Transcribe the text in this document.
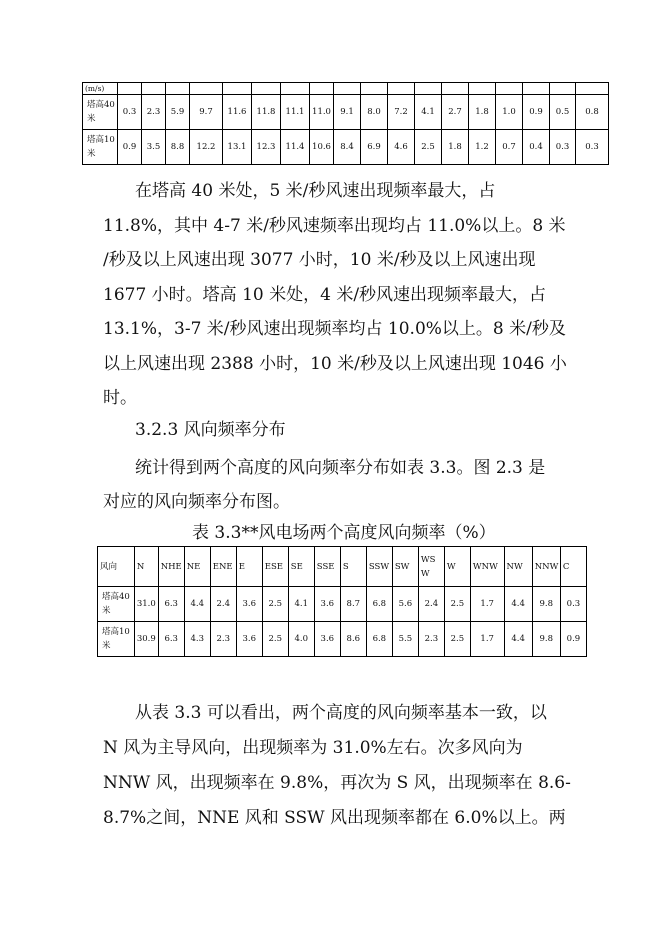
(m/s)																			

塔高40米	0.3	2.3	5.9	9.7	11.6	11.8	11.1	11.0	9.1	8.0	7.2	4.1	2.7	1.8	1.0	0.9	0.5	0.8	

塔高10米	0.9	3.5	8.8	12.2	13.1	12.3	11.4	10.6	8.4	6.9	4.6	2.5	1.8	1.2	0.7	0.4	0.3	0.3	
在塔高 40 米处，5 米/秒风速出现频率最大，占
11.8%，其中 4-7 米/秒风速频率出现均占 11.0%以上。8 米
/秒及以上风速出现 3077 小时，10 米/秒及以上风速出现
1677 小时。塔高 10 米处，4 米/秒风速出现频率最大，占
13.1%，3-7 米/秒风速出现频率均占 10.0%以上。8 米/秒及
以上风速出现 2388 小时，10 米/秒及以上风速出现 1046 小
时。
3.2.3 风向频率分布
统计得到两个高度的风向频率分布如表 3.3。图 2.3 是
对应的风向频率分布图。
表 3.3**风电场两个高度风向频率（%）
风向	N	NHE	NE	ENE	E	ESE	SE	SSE	S	SSW	SW	WSW	W	WNW	NW	NNW	C

塔高40米	31.0	6.3	4.4	2.4	3.6	2.5	4.1	3.6	8.7	6.8	5.6	2.4	2.5	1.7	4.4	9.8	0.3

塔高10米	30.9	6.3	4.3	2.3	3.6	2.5	4.0	3.6	8.6	6.8	5.5	2.3	2.5	1.7	4.4	9.8	0.9
从表 3.3 可以看出，两个高度的风向频率基本一致，以
N 风为主导风向，出现频率为 31.0%左右。次多风向为
NNW 风，出现频率在 9.8%，再次为 S 风，出现频率在 8.6-
8.7%之间，NNE 风和 SSW 风出现频率都在 6.0%以上。两
